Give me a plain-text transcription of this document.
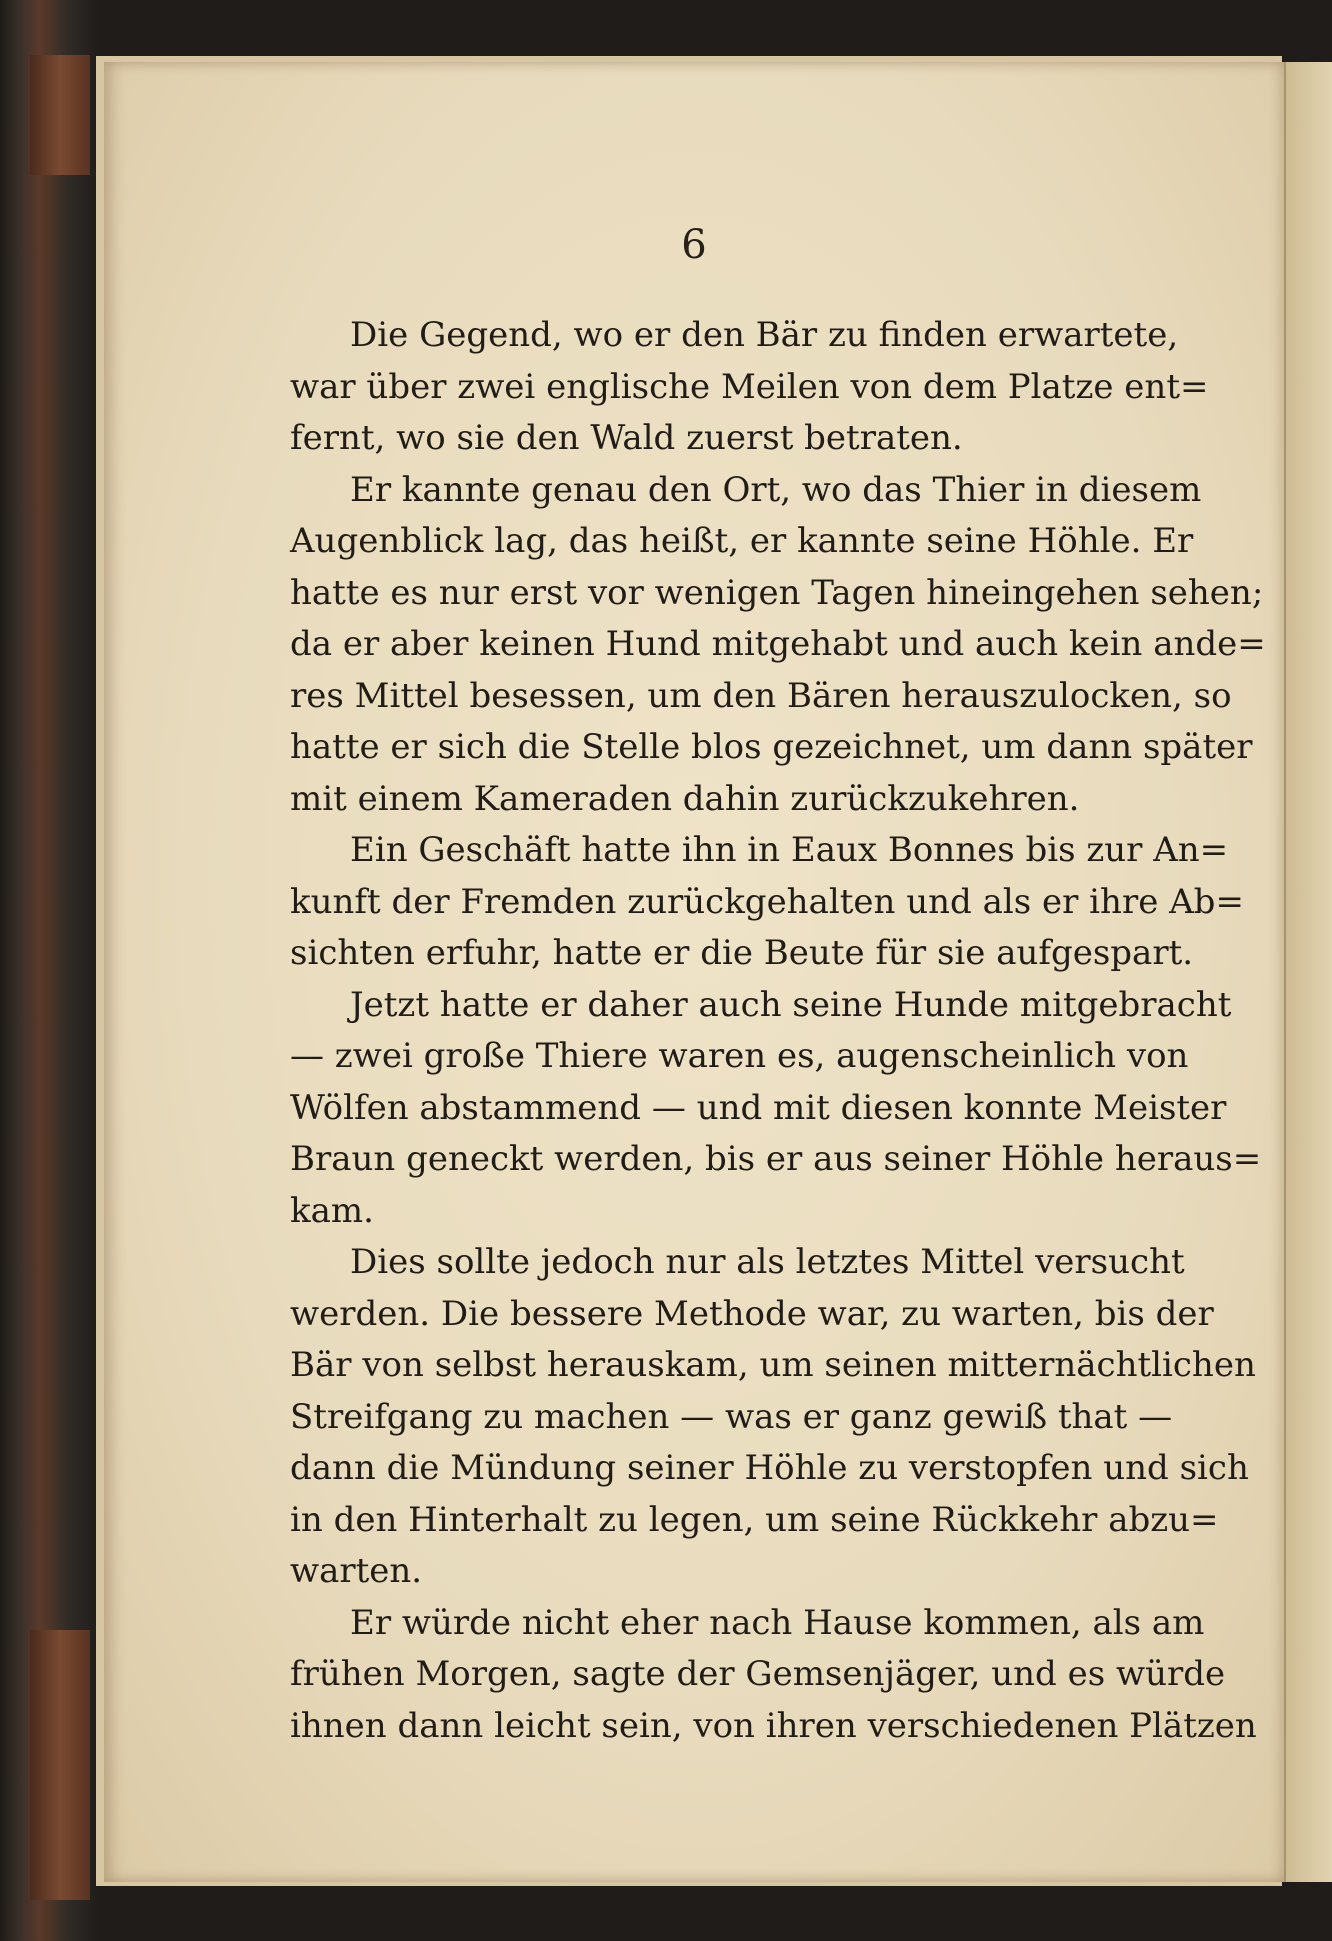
6
Die Gegend, wo er den Bär zu finden erwartete,
war über zwei englische Meilen von dem Platze ent=
fernt, wo sie den Wald zuerst betraten.
Er kannte genau den Ort, wo das Thier in diesem
Augenblick lag, das heißt, er kannte seine Höhle. Er
hatte es nur erst vor wenigen Tagen hineingehen sehen;
da er aber keinen Hund mitgehabt und auch kein ande=
res Mittel besessen, um den Bären herauszulocken, so
hatte er sich die Stelle blos gezeichnet, um dann später
mit einem Kameraden dahin zurückzukehren.
Ein Geschäft hatte ihn in Eaux Bonnes bis zur An=
kunft der Fremden zurückgehalten und als er ihre Ab=
sichten erfuhr, hatte er die Beute für sie aufgespart.
Jetzt hatte er daher auch seine Hunde mitgebracht
— zwei große Thiere waren es, augenscheinlich von
Wölfen abstammend — und mit diesen konnte Meister
Braun geneckt werden, bis er aus seiner Höhle heraus=
kam.
Dies sollte jedoch nur als letztes Mittel versucht
werden. Die bessere Methode war, zu warten, bis der
Bär von selbst herauskam, um seinen mitternächtlichen
Streifgang zu machen — was er ganz gewiß that —
dann die Mündung seiner Höhle zu verstopfen und sich
in den Hinterhalt zu legen, um seine Rückkehr abzu=
warten.
Er würde nicht eher nach Hause kommen, als am
frühen Morgen, sagte der Gemsenjäger, und es würde
ihnen dann leicht sein, von ihren verschiedenen Plätzen
